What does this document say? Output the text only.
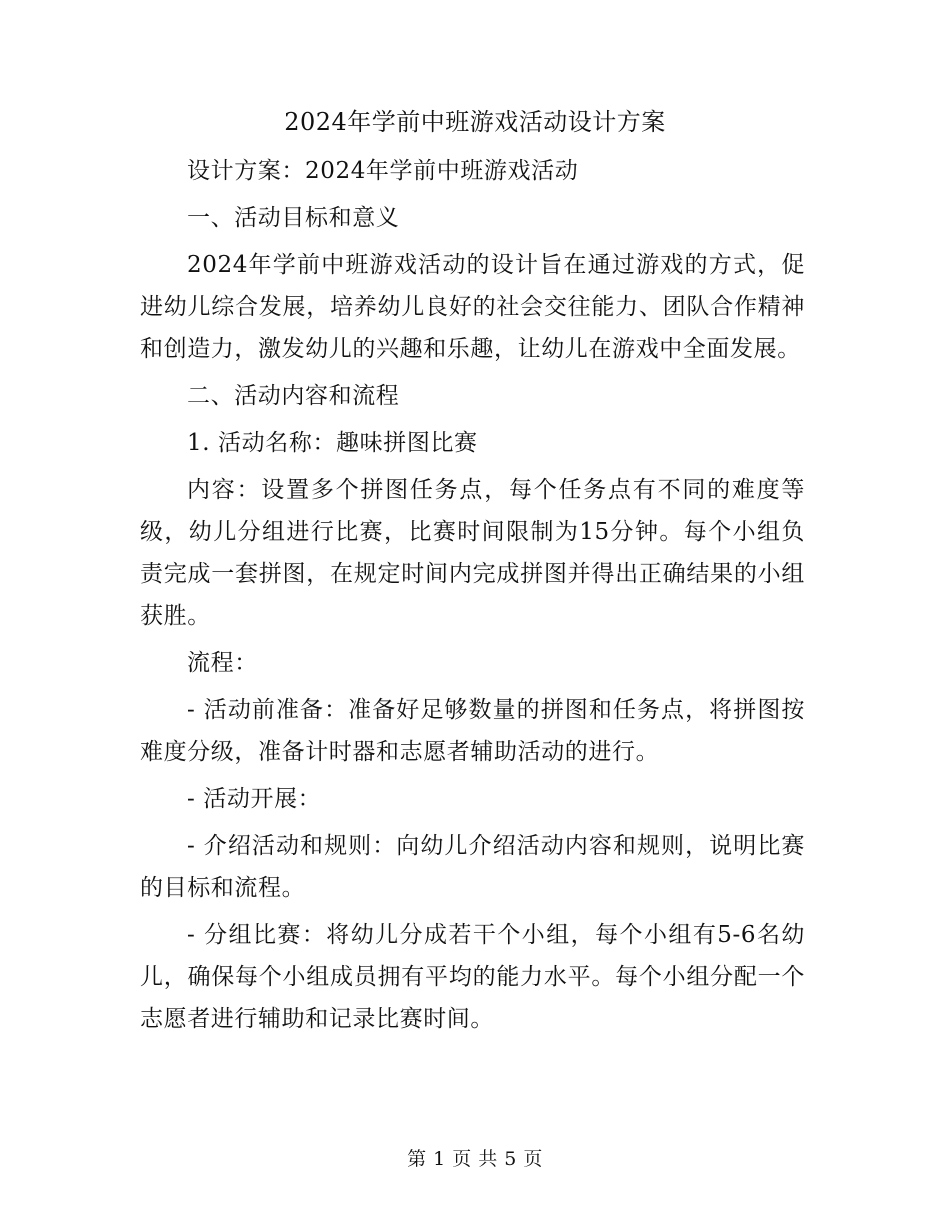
2024年学前中班游戏活动设计方案

设计方案：2024年学前中班游戏活动

一、活动目标和意义

2024年学前中班游戏活动的设计旨在通过游戏的方式，促进幼儿综合发展，培养幼儿良好的社会交往能力、团队合作精神和创造力，激发幼儿的兴趣和乐趣，让幼儿在游戏中全面发展。

二、活动内容和流程

1. 活动名称：趣味拼图比赛

内容：设置多个拼图任务点，每个任务点有不同的难度等级，幼儿分组进行比赛，比赛时间限制为15分钟。每个小组负责完成一套拼图，在规定时间内完成拼图并得出正确结果的小组获胜。

流程：

- 活动前准备：准备好足够数量的拼图和任务点，将拼图按难度分级，准备计时器和志愿者辅助活动的进行。

- 活动开展：

- 介绍活动和规则：向幼儿介绍活动内容和规则，说明比赛的目标和流程。

- 分组比赛：将幼儿分成若干个小组，每个小组有5-6名幼儿，确保每个小组成员拥有平均的能力水平。每个小组分配一个志愿者进行辅助和记录比赛时间。

第 1 页 共 5 页
